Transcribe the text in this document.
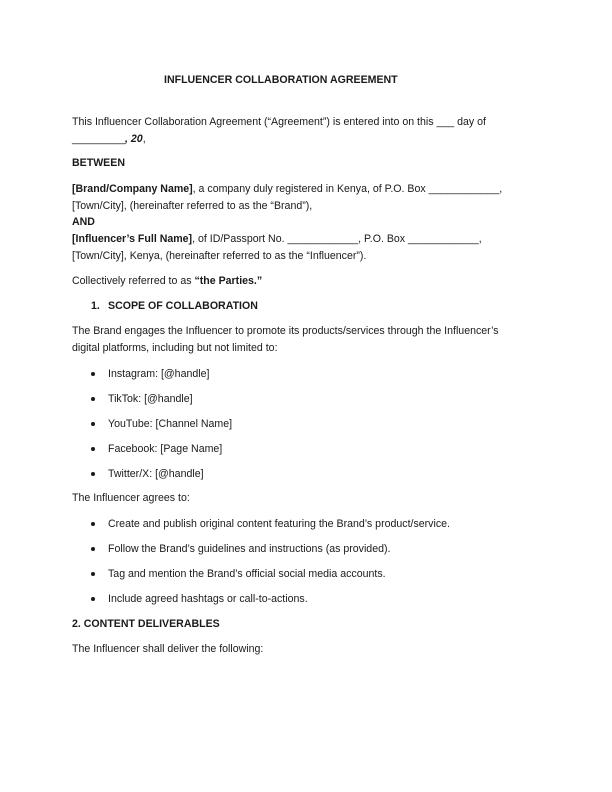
INFLUENCER COLLABORATION AGREEMENT
This Influencer Collaboration Agreement (“Agreement”) is entered into on this ___ day of
_________, 20,
BETWEEN
[Brand/Company Name], a company duly registered in Kenya, of P.O. Box ____________,
[Town/City], (hereinafter referred to as the “Brand”),
AND
[Influencer’s Full Name], of ID/Passport No. ____________, P.O. Box ____________,
[Town/City], Kenya, (hereinafter referred to as the “Influencer”).
Collectively referred to as “the Parties.”
1. SCOPE OF COLLABORATION
The Brand engages the Influencer to promote its products/services through the Influencer’s
digital platforms, including but not limited to:
Instagram: [@handle]
TikTok: [@handle]
YouTube: [Channel Name]
Facebook: [Page Name]
Twitter/X: [@handle]
The Influencer agrees to:
Create and publish original content featuring the Brand’s product/service.
Follow the Brand’s guidelines and instructions (as provided).
Tag and mention the Brand’s official social media accounts.
Include agreed hashtags or call-to-actions.
2. CONTENT DELIVERABLES
The Influencer shall deliver the following:
